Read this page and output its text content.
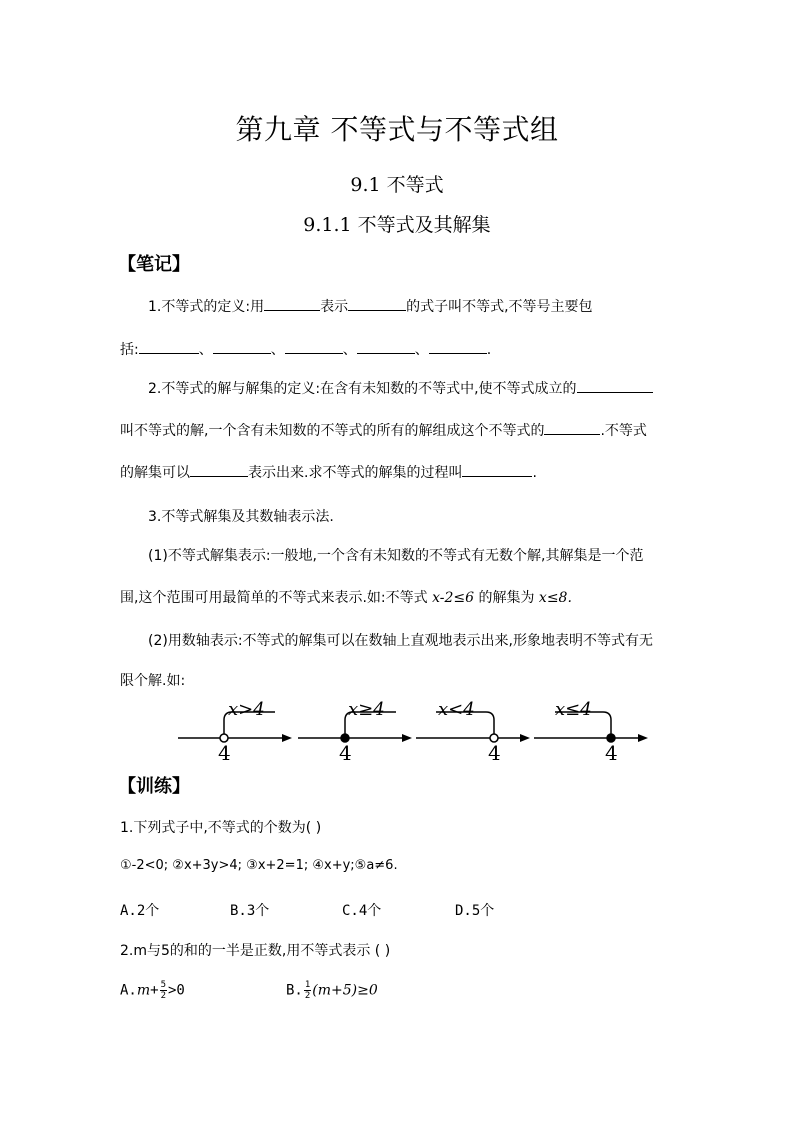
第九章 不等式与不等式组
9.1 不等式
9.1.1 不等式及其解集
【笔记】
1.不等式的定义:用	表示	的式子叫不等式,不等号主要包
括:	、	、	、	、	.
2.不等式的解与解集的定义:在含有未知数的不等式中,使不等式成立的
叫不等式的解,一个含有未知数的不等式的所有的解组成这个不等式的	.不等式
的解集可以	表示出来.求不等式的解集的过程叫	.
3.不等式解集及其数轴表示法.
(1)不等式解集表示:一般地,一个含有未知数的不等式有无数个解,其解集是一个范
围,这个范围可用最简单的不等式来表示.如:不等式 x-2≤6 的解集为 x≤8.
(2)用数轴表示:不等式的解集可以在数轴上直观地表示出来,形象地表明不等式有无
限个解.如:
x>4
4
x≥4
4
x<4
4
x≤4
4
【训练】
1.下列式子中,不等式的个数为( )
①-2<0; ②x+3y>4; ③x+2=1; ④x+y;⑤a≠6.
A.2个	B.3个	C.4个	D.5个
2.m与5的和的一半是正数,用不等式表示 ( )
$A.m+ \frac{5}{2} >0$	B. $\frac{1}{2} (m+5)\ge 0$
